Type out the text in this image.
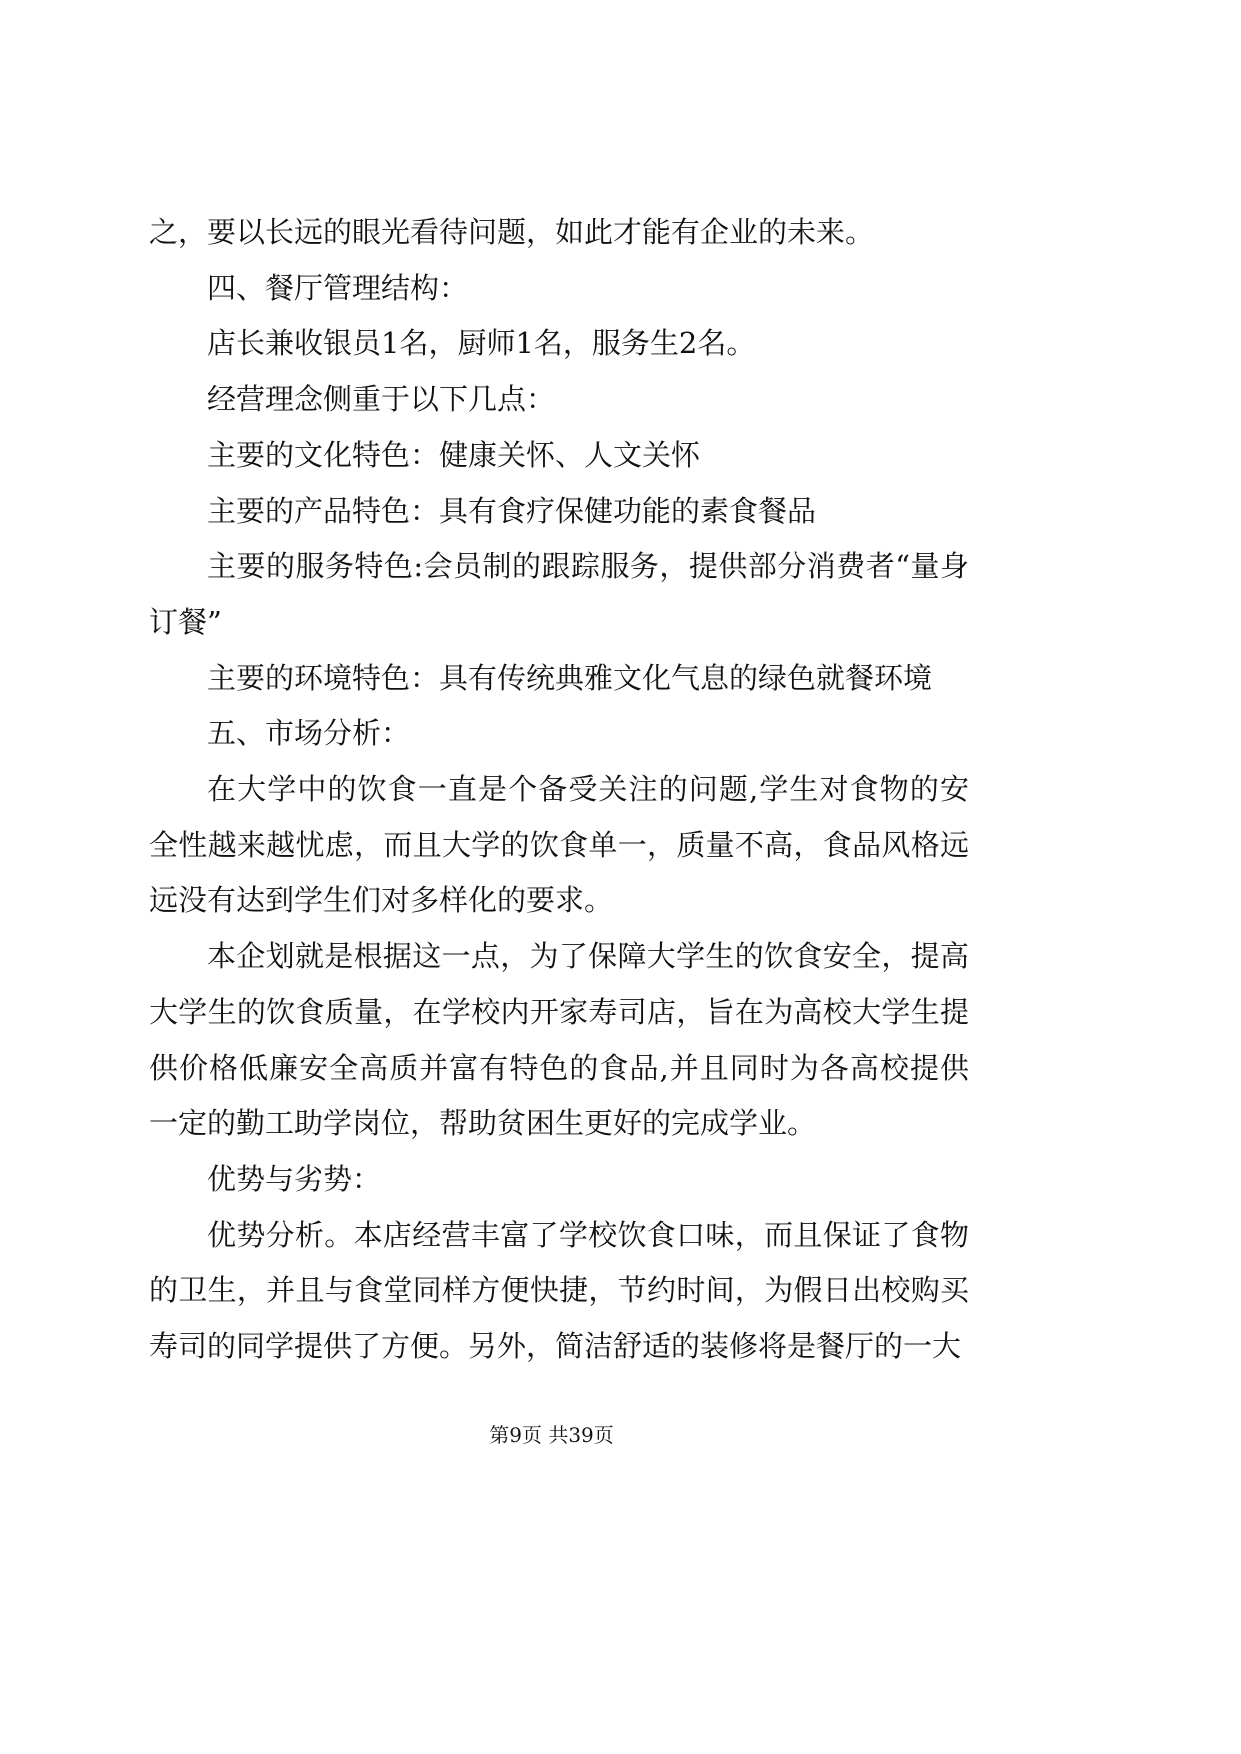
之，要以长远的眼光看待问题，如此才能有企业的未来。

四、餐厅管理结构：

店长兼收银员1名，厨师1名，服务生2名。

经营理念侧重于以下几点：

主要的文化特色：健康关怀、人文关怀

主要的产品特色：具有食疗保健功能的素食餐品

主要的服务特色:会员制的跟踪服务，提供部分消费者“量身订餐”

主要的环境特色：具有传统典雅文化气息的绿色就餐环境

五、市场分析：

在大学中的饮食一直是个备受关注的问题,学生对食物的安全性越来越忧虑，而且大学的饮食单一，质量不高，食品风格远远没有达到学生们对多样化的要求。

本企划就是根据这一点，为了保障大学生的饮食安全，提高大学生的饮食质量，在学校内开家寿司店，旨在为高校大学生提供价格低廉安全高质并富有特色的食品,并且同时为各高校提供一定的勤工助学岗位，帮助贫困生更好的完成学业。

优势与劣势：

优势分析。本店经营丰富了学校饮食口味，而且保证了食物的卫生，并且与食堂同样方便快捷，节约时间，为假日出校购买寿司的同学提供了方便。另外，简洁舒适的装修将是餐厅的一大

第9页 共39页
